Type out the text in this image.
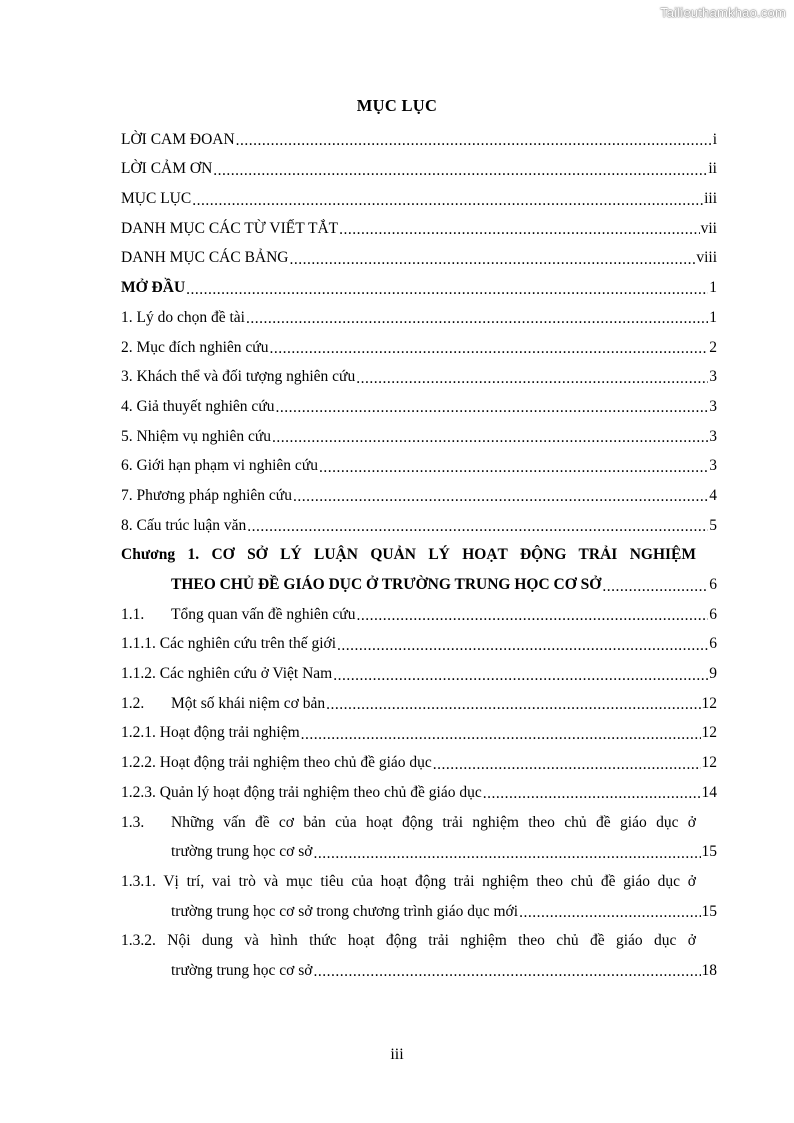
Tailieuthamkhao.com
MỤC LỤC
LỜI CAM ĐOAN .....	i
LỜI CẢM ƠN .....	ii
MỤC LỤC .....	iii
DANH MỤC CÁC TỪ VIẾT TẮT .....	vii
DANH MỤC CÁC BẢNG .....	viii
MỞ ĐẦU .....	1
1. Lý do chọn đề tài .....	1
2. Mục đích nghiên cứu .....	2
3. Khách thể và đối tượng nghiên cứu .....	3
4. Giả thuyết nghiên cứu .....	3
5. Nhiệm vụ nghiên cứu .....	3
6. Giới hạn phạm vi nghiên cứu .....	3
7. Phương pháp nghiên cứu .....	4
8. Cấu trúc luận văn .....	5
Chương 1. CƠ SỞ LÝ LUẬN QUẢN LÝ HOẠT ĐỘNG TRẢI NGHIỆM
THEO CHỦ ĐỀ GIÁO DỤC Ở TRƯỜNG TRUNG HỌC CƠ SỞ .....	6
1.1.	Tổng quan vấn đề nghiên cứu .....	6
1.1.1. Các nghiên cứu trên thế giới .....	6
1.1.2. Các nghiên cứu ở Việt Nam .....	9
1.2.	Một số khái niệm cơ bản .....	12
1.2.1. Hoạt động trải nghiệm .....	12
1.2.2. Hoạt động trải nghiệm theo chủ đề giáo dục .....	12
1.2.3. Quản lý hoạt động trải nghiệm theo chủ đề giáo dục .....	14
1.3. Những vấn đề cơ bản của hoạt động trải nghiệm theo chủ đề giáo dục ở
trường trung học cơ sở .....	15
1.3.1. Vị trí, vai trò và mục tiêu của hoạt động trải nghiệm theo chủ đề giáo dục ở
trường trung học cơ sở trong chương trình giáo dục mới .....	15
1.3.2. Nội dung và hình thức hoạt động trải nghiệm theo chủ đề giáo dục ở
trường trung học cơ sở .....	18
iii
